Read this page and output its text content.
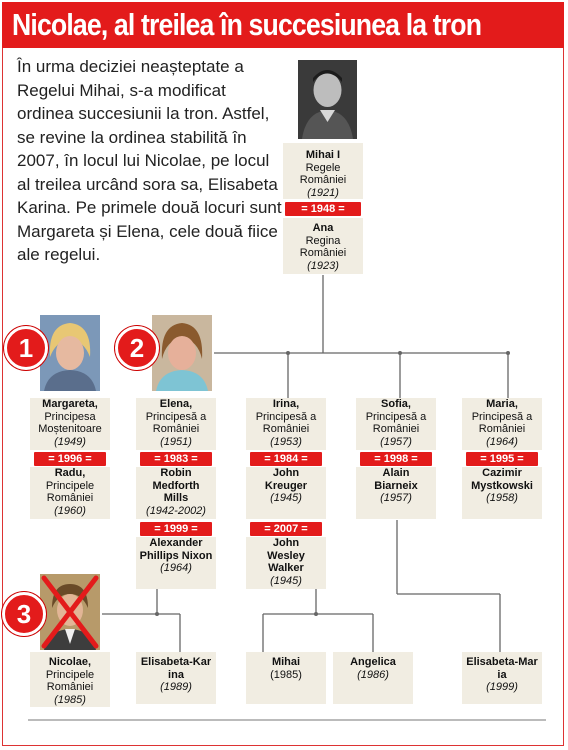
Nicolae, al treilea în succesiunea la tron
În urma deciziei neașteptate a Regelui Mihai, s-a modificat ordinea succesiunii la tron. Astfel, se revine la ordinea stabilită în 2007, în locul lui Nicolae, pe locul al treilea urcând sora sa, Elisabeta Karina. Pe primele două locuri sunt Margareta și Elena, cele două fiice ale regelui.
Mihai I
Regele României
(1921)
= 1948 =
Ana
Regina României
(1923)
1	2
Margareta,
Principesa Moștenitoare
(1949)
Elena,
Principesă a României
(1951)
Irina,
Principesă a României
(1953)
Sofia,
Principesă a României
(1957)
Maria,
Principesă a României
(1964)
= 1996 =	= 1983 =	= 1984 =	= 1998 =	= 1995 =
Radu,
Principele României
(1960)
Robin Medforth Mills
(1942-2002)
John Kreuger
(1945)
Alain Biarneix
(1957)
Cazimir Mystkowski
(1958)
= 1999 =	= 2007 =
Alexander Phillips Nixon
(1964)
John Wesley Walker
(1945)
3
Nicolae,
Principele României
(1985)
Elisabeta-Karina
(1989)
Mihai
(1985)
Angelica
(1986)
Elisabeta-Maria
(1999)
